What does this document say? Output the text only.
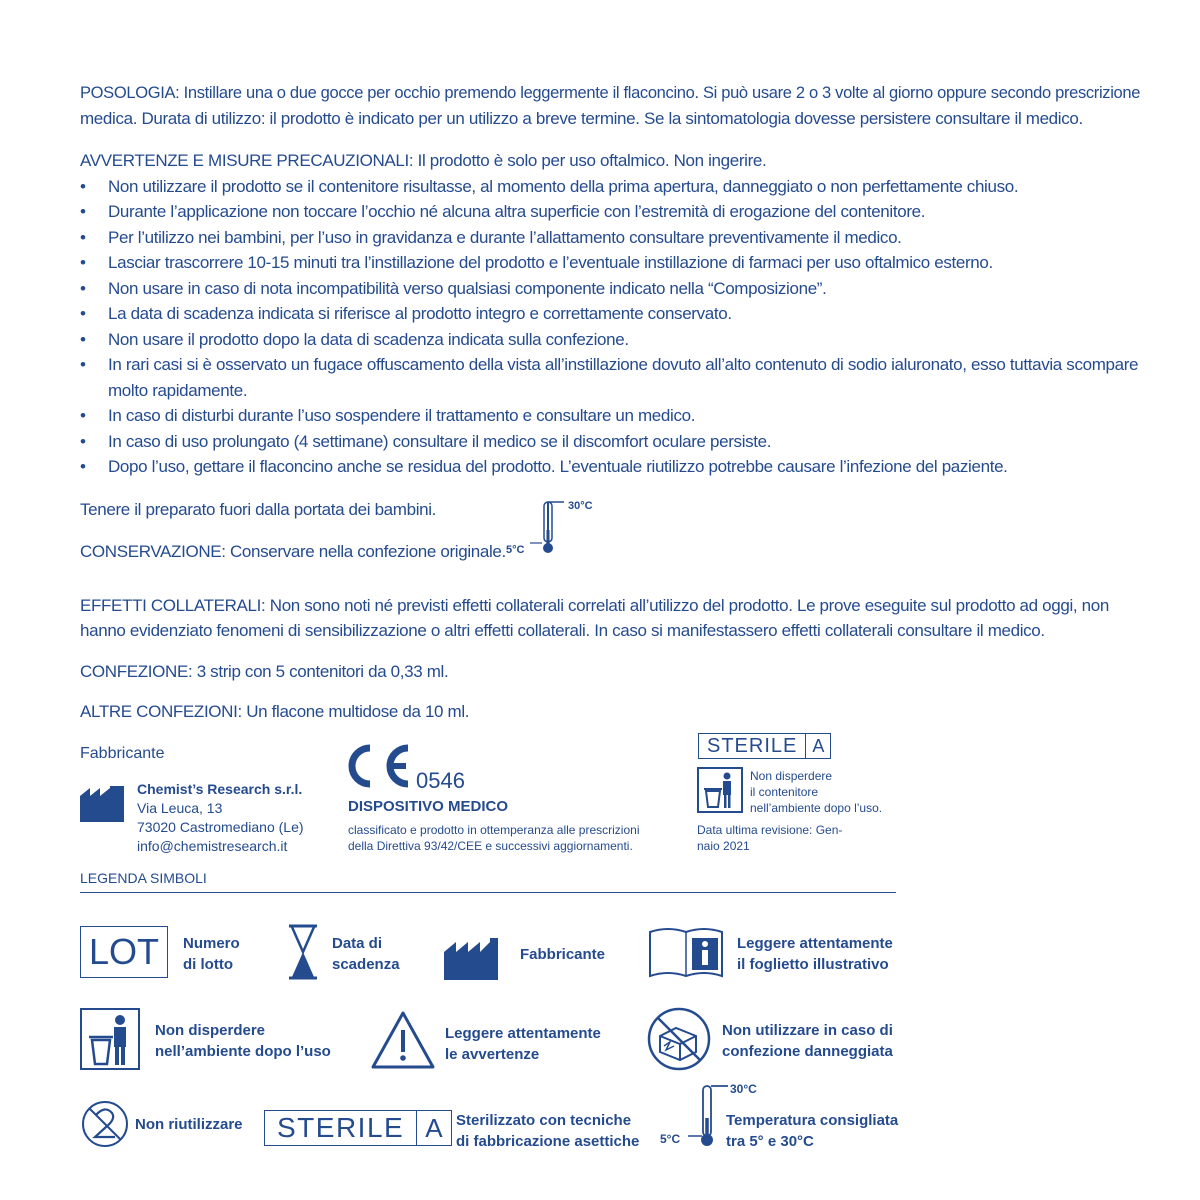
POSOLOGIA: Instillare una o due gocce per occhio premendo leggermente il flaconcino. Si può usare 2 o 3 volte al giorno oppure secondo prescrizione
medica. Durata di utilizzo: il prodotto è indicato per un utilizzo a breve termine. Se la sintomatologia dovesse persistere consultare il medico.
AVVERTENZE E MISURE PRECAUZIONALI: Il prodotto è solo per uso oftalmico. Non ingerire.
• Non utilizzare il prodotto se il contenitore risultasse, al momento della prima apertura, danneggiato o non perfettamente chiuso.
• Durante l’applicazione non toccare l’occhio né alcuna altra superficie con l’estremità di erogazione del contenitore.
• Per l’utilizzo nei bambini, per l’uso in gravidanza e durante l’allattamento consultare preventivamente il medico.
• Lasciar trascorrere 10-15 minuti tra l’instillazione del prodotto e l’eventuale instillazione di farmaci per uso oftalmico esterno.
• Non usare in caso di nota incompatibilità verso qualsiasi componente indicato nella “Composizione”.
• La data di scadenza indicata si riferisce al prodotto integro e correttamente conservato.
• Non usare il prodotto dopo la data di scadenza indicata sulla confezione.
• In rari casi si è osservato un fugace offuscamento della vista all’instillazione dovuto all’alto contenuto di sodio ialuronato, esso tuttavia scompare molto rapidamente.
• In caso di disturbi durante l’uso sospendere il trattamento e consultare un medico.
• In caso di uso prolungato (4 settimane) consultare il medico se il discomfort oculare persiste.
• Dopo l’uso, gettare il flaconcino anche se residua del prodotto. L’eventuale riutilizzo potrebbe causare l’infezione del paziente.
Tenere il preparato fuori dalla portata dei bambini.
CONSERVAZIONE: Conservare nella confezione originale.
EFFETTI COLLATERALI: Non sono noti né previsti effetti collaterali correlati all’utilizzo del prodotto. Le prove eseguite sul prodotto ad oggi, non
hanno evidenziato fenomeni di sensibilizzazione o altri effetti collaterali. In caso si manifestassero effetti collaterali consultare il medico.
CONFEZIONE: 3 strip con 5 contenitori da 0,33 ml.
ALTRE CONFEZIONI: Un flacone multidose da 10 ml.
30°C
5°C
Fabbricante
Chemist’s Research s.r.l.
Via Leuca, 13
73020 Castromediano (Le)
info@chemistresearch.it
0546
DISPOSITIVO MEDICO
classificato e prodotto in ottemperanza alle prescrizioni
della Direttiva 93/42/CEE e successivi aggiornamenti.
STERILE A
Non disperdere
il contenitore
nell’ambiente dopo l’uso.
Data ultima revisione: Gen-
naio 2021
LEGENDA SIMBOLI
LOT	Numero
di lotto
Data di
scadenza
Fabbricante
Leggere attentamente
il foglietto illustrativo
Non disperdere
nell’ambiente dopo l’uso
Leggere attentamente
le avvertenze
Non utilizzare in caso di
confezione danneggiata
Non riutilizzare	STERILE A Sterilizzato con tecniche
di fabbricazione asettiche
30°C
5°C
Temperatura consigliata
tra 5° e 30°C
